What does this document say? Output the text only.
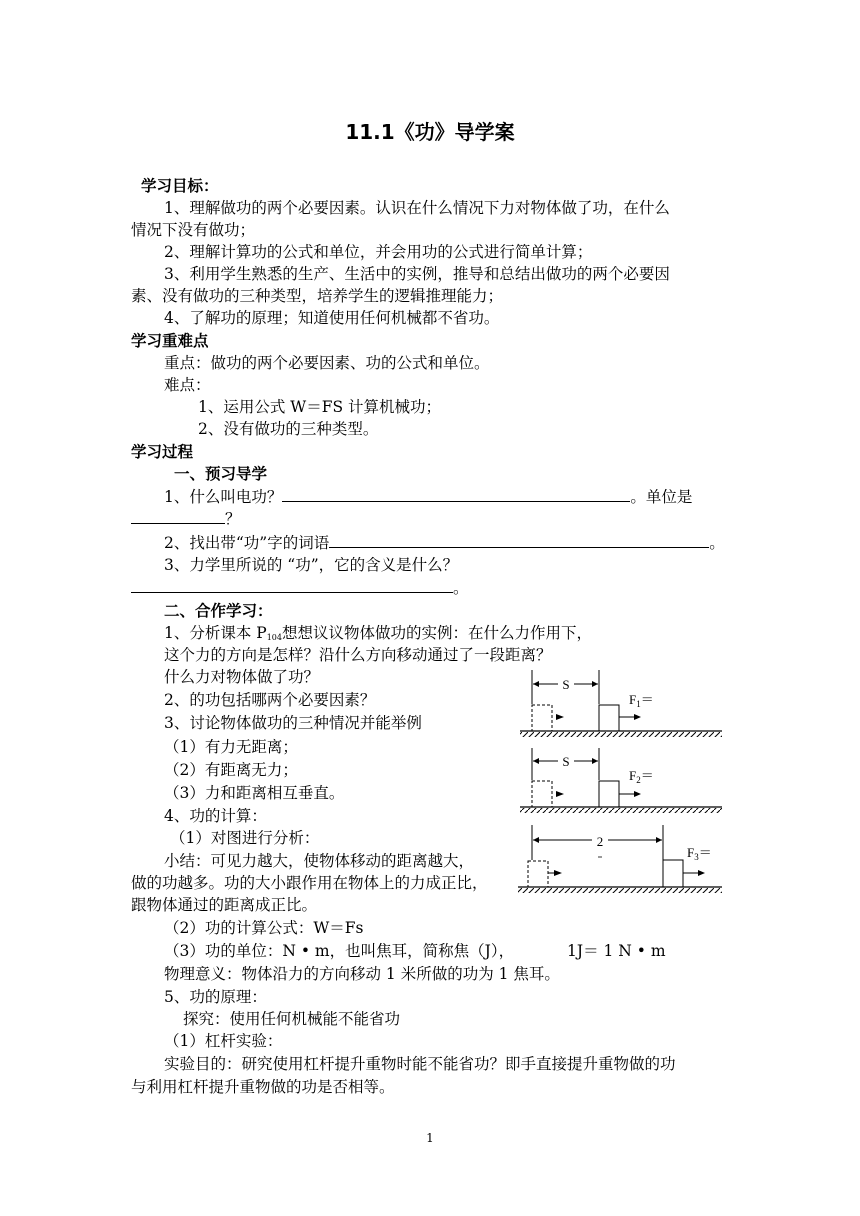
11.1《功》导学案
学习目标：
1、理解做功的两个必要因素。认识在什么情况下力对物体做了功，在什么
情况下没有做功；
2、理解计算功的公式和单位，并会用功的公式进行简单计算；
3、利用学生熟悉的生产、生活中的实例，推导和总结出做功的两个必要因
素、没有做功的三种类型，培养学生的逻辑推理能力；
4、了解功的原理；知道使用任何机械都不省功。
学习重难点
重点：做功的两个必要因素、功的公式和单位。
难点：
1、运用公式 W＝FS 计算机械功；
2、没有做功的三种类型。
学习过程
一、预习导学
1、什么叫电功？	。单位是
？
2、找出带“功”字的词语	。
3、力学里所说的 “功”，它的含义是什么？
。
二、合作学习：
1、分析课本 P104想想议议物体做功的实例：在什么力作用下，
这个力的方向是怎样？沿什么方向移动通过了一段距离？
什么力对物体做了功？
2、的功包括哪两个必要因素？
3、讨论物体做功的三种情况并能举例
（1）有力无距离；
（2）有距离无力；
（3）力和距离相互垂直。
4、功的计算：
（1）对图进行分析：
小结：可见力越大，使物体移动的距离越大，
做的功越多。功的大小跟作用在物体上的力成正比，
跟物体通过的距离成正比。
（2）功的计算公式：W＝Fs
（3）功的单位：N • m，也叫焦耳，简称焦（J），	1J＝ 1 N • m
物理意义：物体沿力的方向移动 1 米所做的功为 1 焦耳。
5、功的原理：
探究：使用任何机械能不能省功
（1）杠杆实验：
实验目的：研究使用杠杆提升重物时能不能省功？即手直接提升重物做的功
与利用杠杆提升重物做的功是否相等。
S
$F_1=$
S
$F_2=$
2
$F_3=$
1
